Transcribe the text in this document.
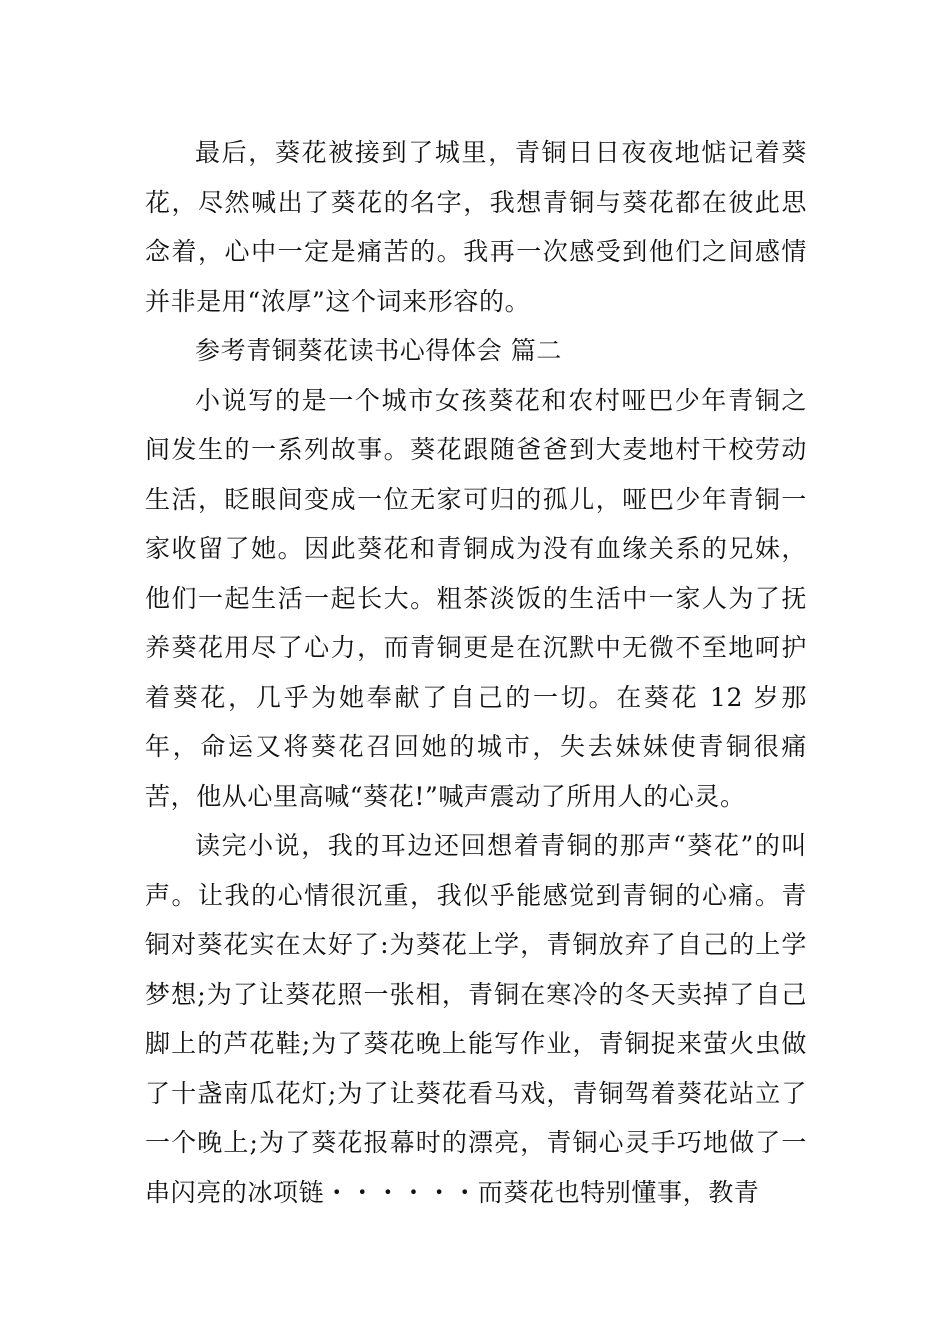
最后，葵花被接到了城里，青铜日日夜夜地惦记着葵花，尽然喊出了葵花的名字，我想青铜与葵花都在彼此思念着，心中一定是痛苦的。我再一次感受到他们之间感情并非是用“浓厚”这个词来形容的。

参考青铜葵花读书心得体会 篇二

小说写的是一个城市女孩葵花和农村哑巴少年青铜之间发生的一系列故事。葵花跟随爸爸到大麦地村干校劳动生活，眨眼间变成一位无家可归的孤儿，哑巴少年青铜一家收留了她。因此葵花和青铜成为没有血缘关系的兄妹，他们一起生活一起长大。粗茶淡饭的生活中一家人为了抚养葵花用尽了心力，而青铜更是在沉默中无微不至地呵护着葵花，几乎为她奉献了自己的一切。在葵花 12 岁那年，命运又将葵花召回她的城市，失去妹妹使青铜很痛苦，他从心里高喊“葵花!”喊声震动了所用人的心灵。

读完小说，我的耳边还回想着青铜的那声“葵花”的叫声。让我的心情很沉重，我似乎能感觉到青铜的心痛。青铜对葵花实在太好了:为葵花上学，青铜放弃了自己的上学梦想;为了让葵花照一张相，青铜在寒冷的冬天卖掉了自己脚上的芦花鞋;为了葵花晚上能写作业，青铜捉来萤火虫做了十盏南瓜花灯;为了让葵花看马戏，青铜驾着葵花站立了一个晚上;为了葵花报幕时的漂亮，青铜心灵手巧地做了一串闪亮的冰项链・・・・・・而葵花也特别懂事，教青
